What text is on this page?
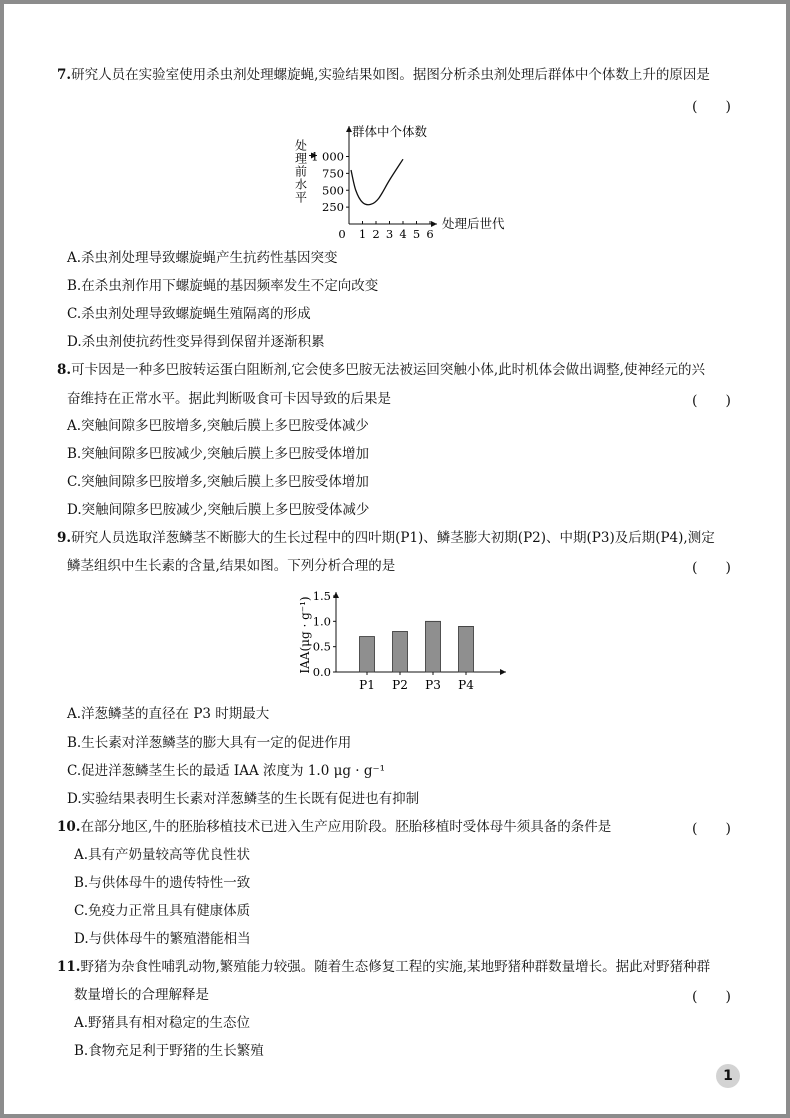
7.研究人员在实验室使用杀虫剂处理螺旋蝇,实验结果如图。据图分析杀虫剂处理后群体中个体数上升的原因是
(　　)
群体中个体数
处理后世代
处
理
前
水
平
250
500
750
1 000
0 1 2 3 4 5 6
A.杀虫剂处理导致螺旋蝇产生抗药性基因突变
B.在杀虫剂作用下螺旋蝇的基因频率发生不定向改变
C.杀虫剂处理导致螺旋蝇生殖隔离的形成
D.杀虫剂使抗药性变异得到保留并逐渐积累
8.可卡因是一种多巴胺转运蛋白阻断剂,它会使多巴胺无法被运回突触小体,此时机体会做出调整,使神经元的兴
奋维持在正常水平。据此判断吸食可卡因导致的后果是	(　　)
A.突触间隙多巴胺增多,突触后膜上多巴胺受体减少
B.突触间隙多巴胺减少,突触后膜上多巴胺受体增加
C.突触间隙多巴胺增多,突触后膜上多巴胺受体增加
D.突触间隙多巴胺减少,突触后膜上多巴胺受体减少
9.研究人员选取洋葱鳞茎不断膨大的生长过程中的四叶期(P1)、鳞茎膨大初期(P2)、中期(P3)及后期(P4),测定
鳞茎组织中生长素的含量,结果如图。下列分析合理的是	(　　)
IAA(μg · g⁻¹) 0.0
0.5
1.0
1.5
P1 P2 P3 P4
A.洋葱鳞茎的直径在 P3 时期最大
B.生长素对洋葱鳞茎的膨大具有一定的促进作用
C.促进洋葱鳞茎生长的最适 IAA 浓度为 1.0 μg · g⁻¹
D.实验结果表明生长素对洋葱鳞茎的生长既有促进也有抑制
10.在部分地区,牛的胚胎移植技术已进入生产应用阶段。胚胎移植时受体母牛须具备的条件是	(　　)
A.具有产奶量较高等优良性状
B.与供体母牛的遗传特性一致
C.免疫力正常且具有健康体质
D.与供体母牛的繁殖潜能相当
11.野猪为杂食性哺乳动物,繁殖能力较强。随着生态修复工程的实施,某地野猪种群数量增长。据此对野猪种群
数量增长的合理解释是	(　　)
A.野猪具有相对稳定的生态位
B.食物充足利于野猪的生长繁殖
1
